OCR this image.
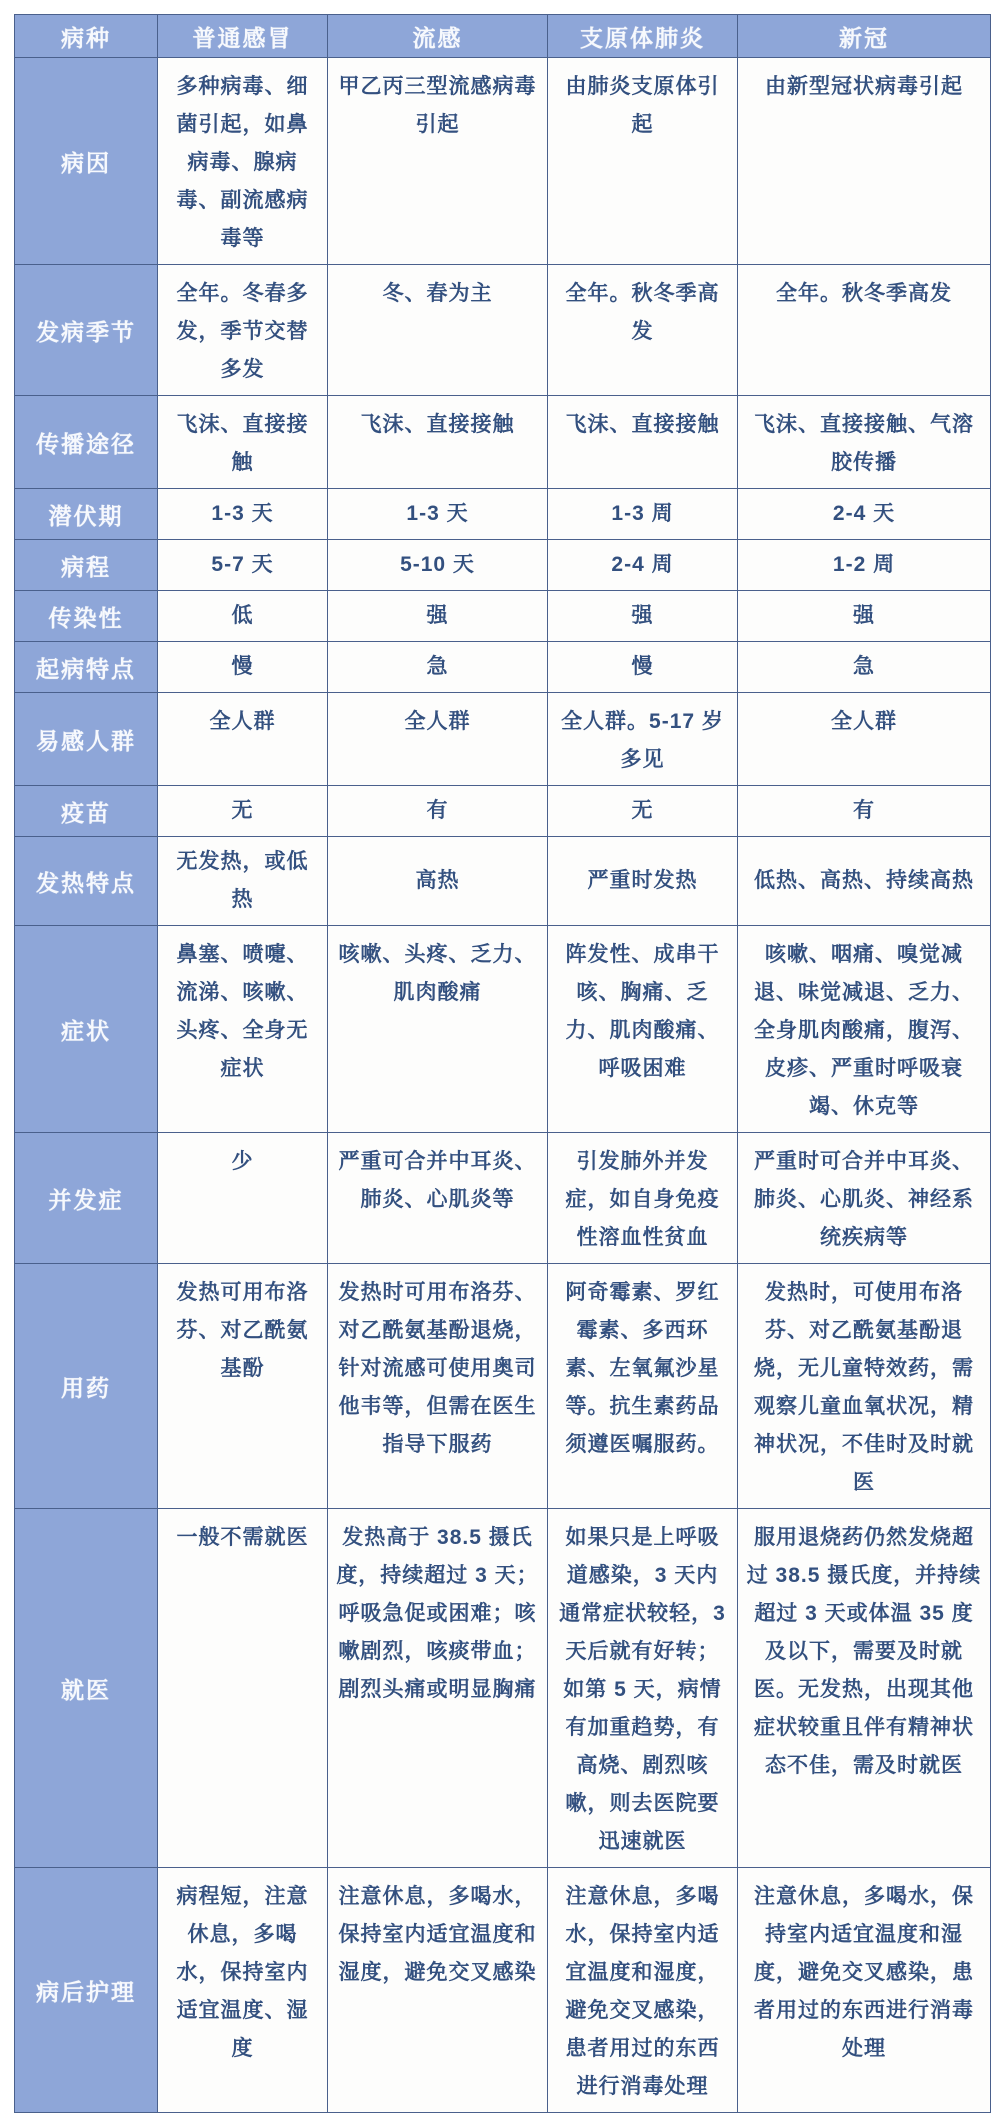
病种	普通感冒	流感	支原体肺炎	新冠
病因	多种病毒、细菌引起，如鼻病毒、腺病毒、副流感病毒等	甲乙丙三型流感病毒引起	由肺炎支原体引起	由新型冠状病毒引起
发病季节	全年。冬春多发，季节交替多发	冬、春为主	全年。秋冬季高发	全年。秋冬季高发
传播途径	飞沫、直接接触	飞沫、直接接触	飞沫、直接接触	飞沫、直接接触、气溶胶传播
潜伏期	1-3 天	1-3 天	1-3 周	2-4 天
病程	5-7 天	5-10 天	2-4 周	1-2 周
传染性	低	强	强	强
起病特点	慢	急	慢	急
易感人群	全人群	全人群	全人群。5-17 岁多见	全人群
疫苗	无	有	无	有
发热特点	无发热，或低热	高热	严重时发热	低热、高热、持续高热
症状	鼻塞、喷嚏、流涕、咳嗽、头疼、全身无症状	咳嗽、头疼、乏力、肌肉酸痛	阵发性、成串干咳、胸痛、乏力、肌肉酸痛、呼吸困难	咳嗽、咽痛、嗅觉减退、味觉减退、乏力、全身肌肉酸痛，腹泻、皮疹、严重时呼吸衰竭、休克等
并发症	少	严重可合并中耳炎、肺炎、心肌炎等	引发肺外并发症，如自身免疫性溶血性贫血	严重时可合并中耳炎、肺炎、心肌炎、神经系统疾病等
用药	发热可用布洛芬、对乙酰氨基酚	发热时可用布洛芬、对乙酰氨基酚退烧，针对流感可使用奥司他韦等，但需在医生指导下服药	阿奇霉素、罗红霉素、多西环素、左氧氟沙星等。抗生素药品须遵医嘱服药。	发热时，可使用布洛芬、对乙酰氨基酚退烧，无儿童特效药，需观察儿童血氧状况，精神状况，不佳时及时就医
就医	一般不需就医	发热高于 38.5 摄氏度，持续超过 3 天；呼吸急促或困难；咳嗽剧烈，咳痰带血；剧烈头痛或明显胸痛	如果只是上呼吸道感染，3 天内通常症状较轻，3 天后就有好转；如第 5 天，病情有加重趋势，有高烧、剧烈咳嗽，则去医院要迅速就医	服用退烧药仍然发烧超过 38.5 摄氏度，并持续超过 3 天或体温 35 度及以下，需要及时就医。无发热，出现其他症状较重且伴有精神状态不佳，需及时就医
病后护理	病程短，注意休息，多喝水，保持室内适宜温度、湿度	注意休息，多喝水，保持室内适宜温度和湿度，避免交叉感染	注意休息，多喝水，保持室内适宜温度和湿度，避免交叉感染，患者用过的东西进行消毒处理	注意休息，多喝水，保持室内适宜温度和湿度，避免交叉感染，患者用过的东西进行消毒处理
